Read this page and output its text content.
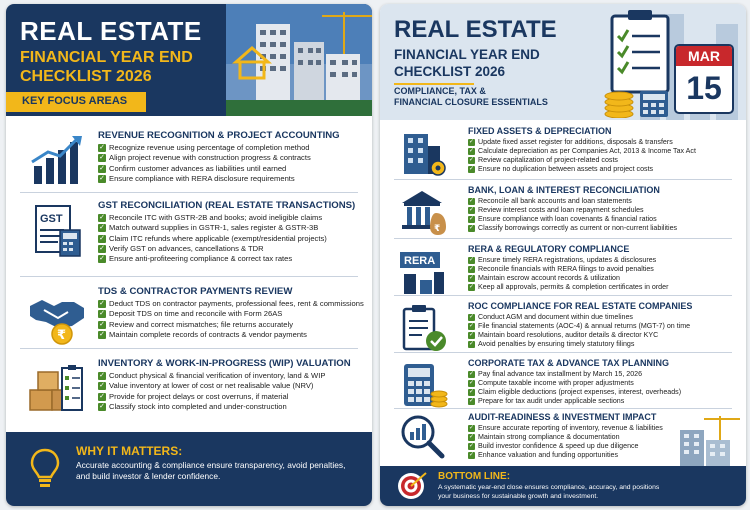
REAL ESTATE
FINANCIAL YEAR END
CHECKLIST 2026
KEY FOCUS AREAS
REVENUE RECOGNITION & PROJECT ACCOUNTING
✓ Recognize revenue using percentage of completion method
✓ Align project revenue with construction progress & contracts
✓ Confirm customer advances as liabilities until earned
✓ Ensure compliance with RERA disclosure requirements
GST
GST RECONCILIATION (REAL ESTATE TRANSACTIONS)
✓ Reconcile ITC with GSTR-2B and books; avoid ineligible claims
✓ Match outward supplies in GSTR-1, sales register & GSTR-3B
✓ Claim ITC refunds where applicable (exempt/residential projects)
✓ Verify GST on advances, cancellations & TDR
✓ Ensure anti-profiteering compliance & correct tax rates
₹
TDS & CONTRACTOR PAYMENTS REVIEW
✓ Deduct TDS on contractor payments, professional fees, rent & commissions
✓ Deposit TDS on time and reconcile with Form 26AS
✓ Review and correct mismatches; file returns accurately
✓ Maintain complete records of contracts & vendor payments
INVENTORY & WORK-IN-PROGRESS (WIP) VALUATION
✓ Conduct physical & financial verification of inventory, land & WIP
✓ Value inventory at lower of cost or net realisable value (NRV)
✓ Provide for project delays or cost overruns, if material
✓ Classify stock into completed and under-construction
WHY IT MATTERS:

Accurate accounting & compliance ensure transparency, avoid penalties, and build investor & lender confidence.

REAL ESTATE
FINANCIAL YEAR END
CHECKLIST 2026
COMPLIANCE, TAX &
FINANCIAL CLOSURE ESSENTIALS
MAR
15
FIXED ASSETS & DEPRECIATION
✓ Update fixed asset register for additions, disposals & transfers
✓ Calculate depreciation as per Companies Act, 2013 & Income Tax Act
✓ Review capitalization of project-related costs
✓ Ensure no duplication between assets and project costs
₹
BANK, LOAN & INTEREST RECONCILIATION
✓ Reconcile all bank accounts and loan statements
✓ Review interest costs and loan repayment schedules
✓ Ensure compliance with loan covenants & financial ratios
✓ Classify borrowings correctly as current or non-current liabilities
RERA
RERA & REGULATORY COMPLIANCE
✓ Ensure timely RERA registrations, updates & disclosures
✓ Reconcile financials with RERA filings to avoid penalties
✓ Maintain escrow account records & utilization
✓ Keep all approvals, permits & completion certificates in order
ROC COMPLIANCE FOR REAL ESTATE COMPANIES
✓ Conduct AGM and document within due timelines
✓ File financial statements (AOC-4) & annual returns (MGT-7) on time
✓ Maintain board resolutions, auditor details & director KYC
✓ Avoid penalties by ensuring timely statutory filings
CORPORATE TAX & ADVANCE TAX PLANNING
✓ Pay final advance tax installment by March 15, 2026
✓ Compute taxable income with proper adjustments
✓ Claim eligible deductions (project expenses, interest, overheads)
✓ Prepare for tax audit under applicable sections
AUDIT-READINESS & INVESTMENT IMPACT
✓ Ensure accurate reporting of inventory, revenue & liabilities
✓ Maintain strong compliance & documentation
✓ Build investor confidence & speed up due diligence
✓ Enhance valuation and funding opportunities
BOTTOM LINE:

A systematic year-end close ensures compliance, accuracy, and positions your business for sustainable growth and investment.
